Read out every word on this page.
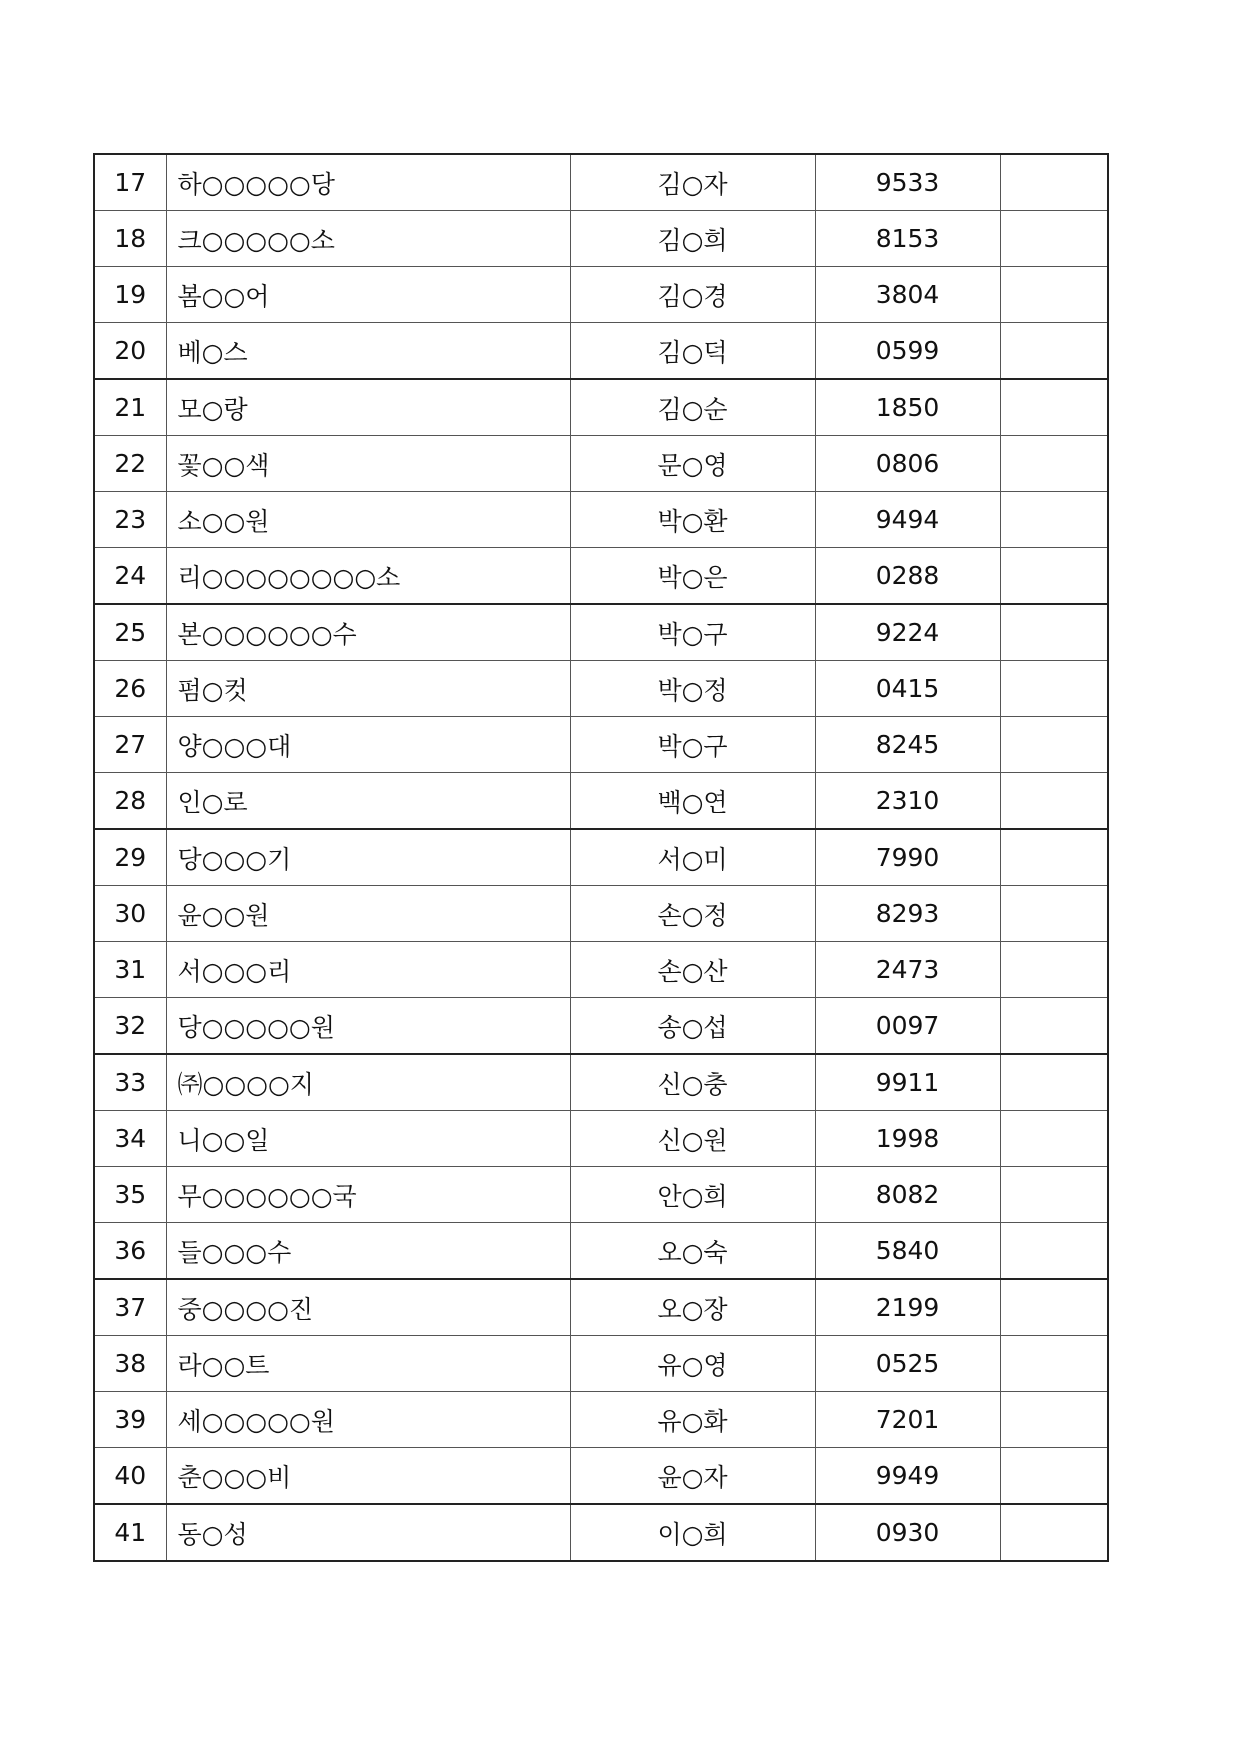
17	하○○○○○당	김○자	9533	
18	크○○○○○소	김○희	8153	
19	봄○○어	김○경	3804	
20	베○스	김○덕	0599	
21	모○랑	김○순	1850	
22	꽃○○색	문○영	0806	
23	소○○원	박○환	9494	
24	리○○○○○○○○소	박○은	0288	
25	본○○○○○○수	박○구	9224	
26	펌○컷	박○정	0415	
27	양○○○대	박○구	8245	
28	인○로	백○연	2310	
29	당○○○기	서○미	7990	
30	윤○○원	손○정	8293	
31	서○○○리	손○산	2473	
32	당○○○○○원	송○섭	0097	
33	㈜○○○○지	신○충	9911	
34	니○○일	신○원	1998	
35	무○○○○○○국	안○희	8082	
36	들○○○수	오○숙	5840	
37	중○○○○진	오○장	2199	
38	라○○트	유○영	0525	
39	세○○○○○원	유○화	7201	
40	춘○○○비	윤○자	9949	
41	동○성	이○희	0930	
